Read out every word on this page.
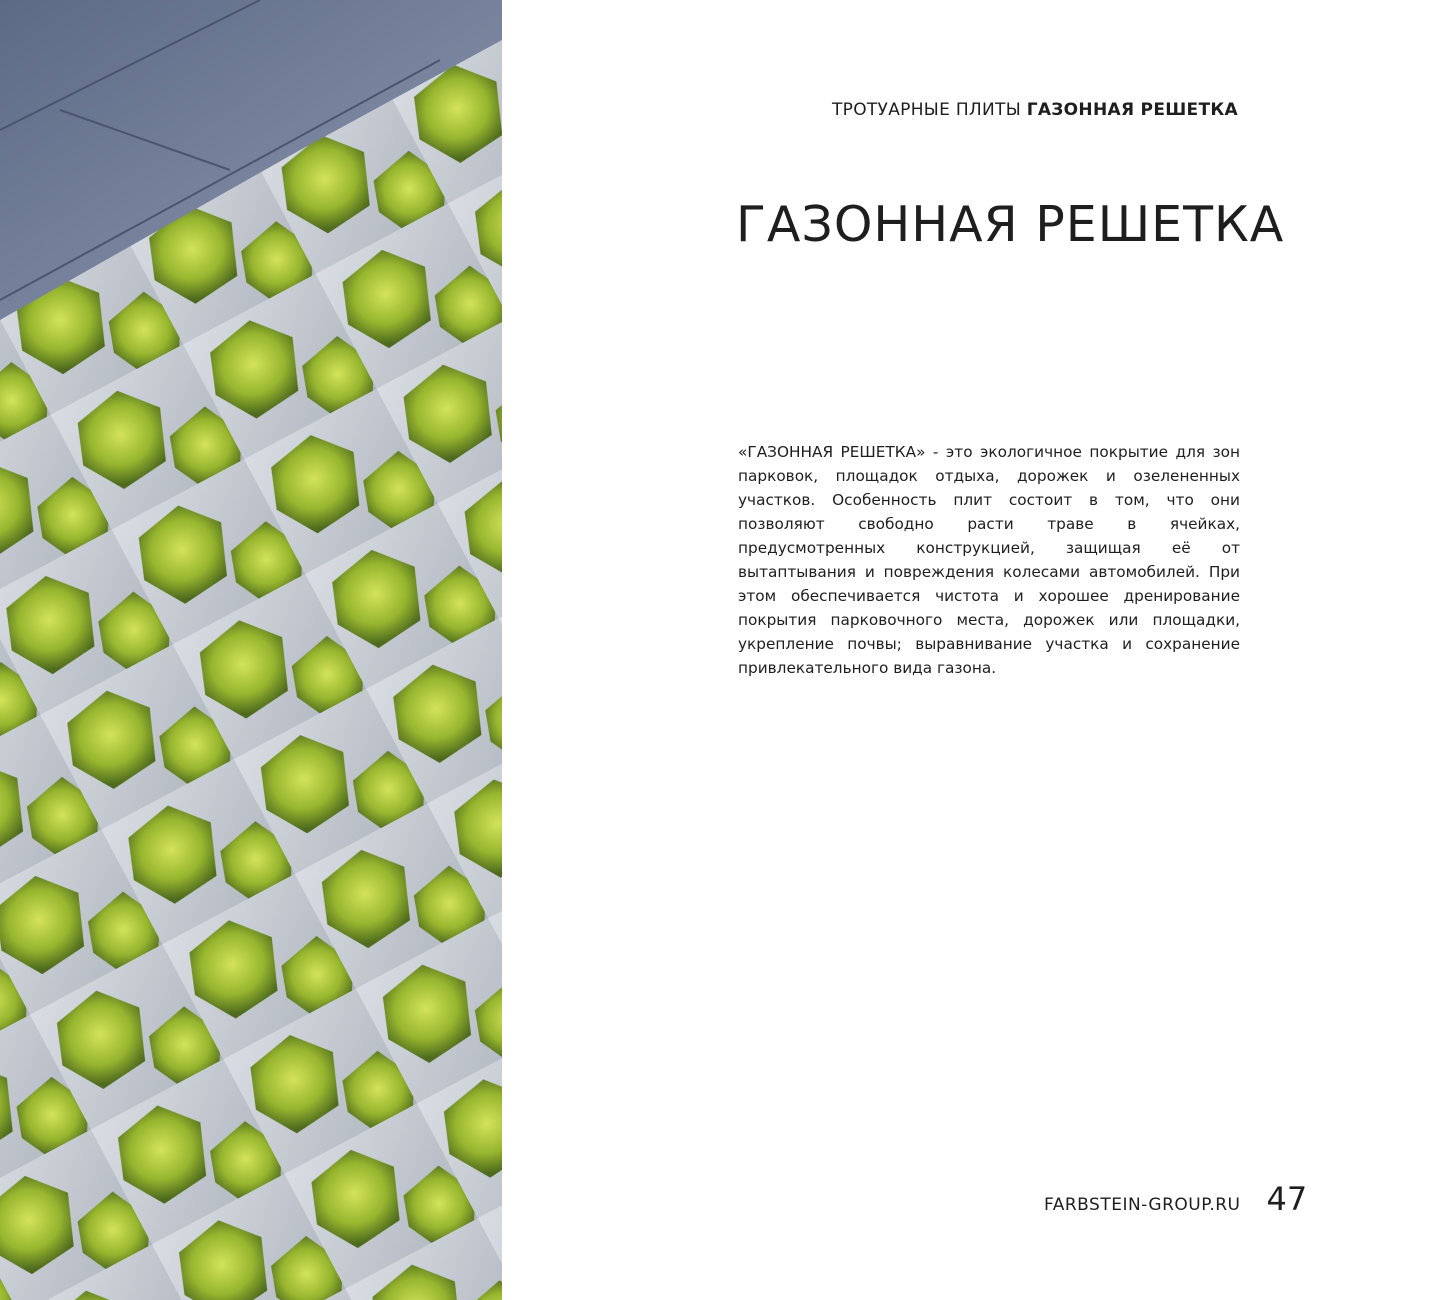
ТРОТУАРНЫЕ ПЛИТЫ ГАЗОННАЯ РЕШЕТКА
ГАЗОННАЯ РЕШЕТКА

«ГАЗОННАЯ РЕШЕТКА» - это экологичное покрытие для зон парковок, площадок отдыха, дорожек и озелененных участков. Особенность плит состоит в том, что они позволяют свободно расти траве в ячейках, предусмотренных конструкцией, защищая её от вытаптывания и повреждения колесами автомобилей. При этом обеспечивается чистота и хорошее дренирование покрытия парковочного места, дорожек или площадки, укрепление почвы; выравнивание участка и сохранение привлекательного вида газона.

FARBSTEIN-GROUP.RU 47
